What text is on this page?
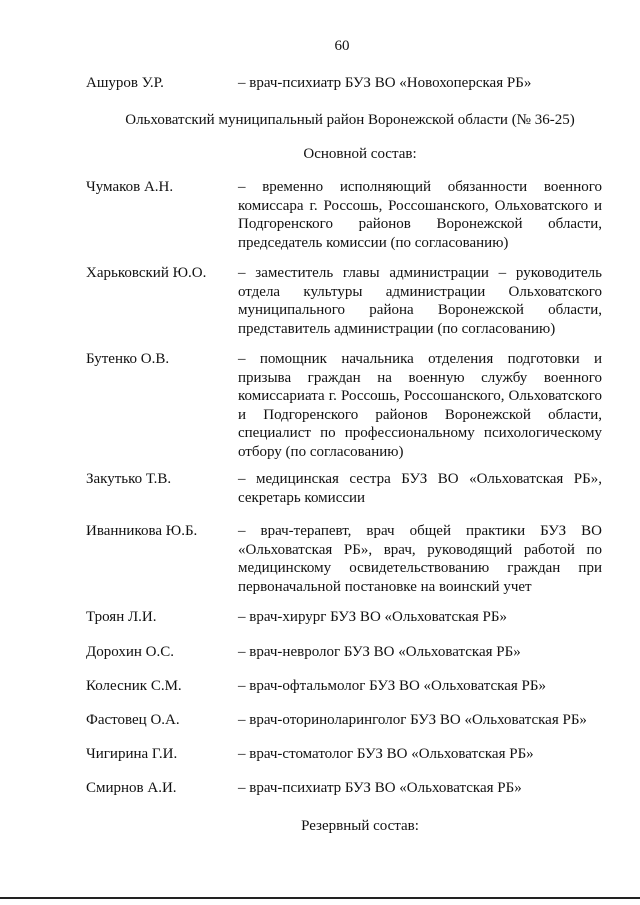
60
Ашуров У.Р.	– врач-психиатр БУЗ ВО «Новохоперская РБ»
Ольховатский муниципальный район Воронежской области (№ 36-25)
Основной состав:
Чумаков А.Н.	– временно исполняющий обязанности военного комиссара г. Россошь, Россошанского, Ольховатского и Подгоренского районов Воронежской области, председатель комиссии (по согласованию)
Харьковский Ю.О. – заместитель главы администрации – руководитель отдела культуры администрации Ольховатского муниципального района Воронежской области, представитель администрации (по согласованию)
Бутенко О.В.	– помощник начальника отделения подготовки и призыва граждан на военную службу военного комиссариата г. Россошь, Россошанского, Ольховатского и Подгоренского районов Воронежской области, специалист по профессиональному психологическому отбору (по согласованию)
Закутько Т.В.	– медицинская сестра БУЗ ВО «Ольховатская РБ», секретарь комиссии
Иванникова Ю.Б.	– врач-терапевт, врач общей практики БУЗ ВО «Ольховатская РБ», врач, руководящий работой по медицинскому освидетельствованию граждан при первоначальной постановке на воинский учет
Троян Л.И.	– врач-хирург БУЗ ВО «Ольховатская РБ»
Дорохин О.С.	– врач-невролог БУЗ ВО «Ольховатская РБ»
Колесник С.М.	– врач-офтальмолог БУЗ ВО «Ольховатская РБ»
Фастовец О.А.	– врач-оториноларинголог БУЗ ВО «Ольховатская РБ»
Чигирина Г.И.	– врач-стоматолог БУЗ ВО «Ольховатская РБ»
Смирнов А.И.	– врач-психиатр БУЗ ВО «Ольховатская РБ»
Резервный состав:
